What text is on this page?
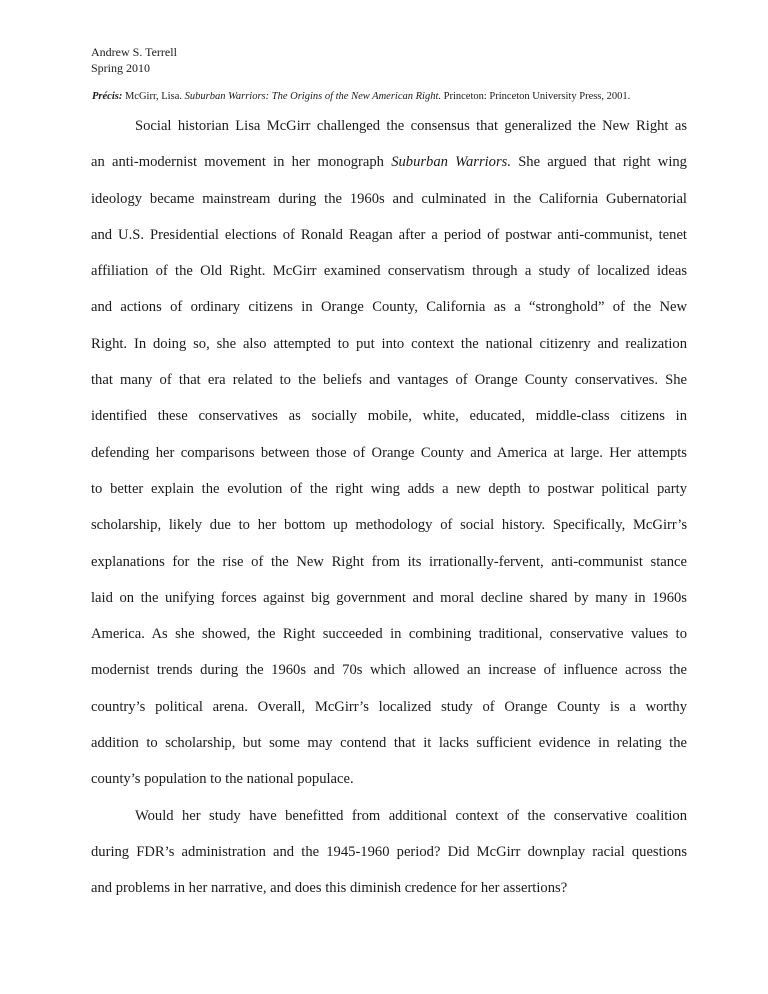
Andrew S. Terrell
Spring 2010
Précis: McGirr, Lisa. Suburban Warriors: The Origins of the New American Right. Princeton: Princeton University Press, 2001.
Social historian Lisa McGirr challenged the consensus that generalized the New Right as
an anti-modernist movement in her monograph Suburban Warriors. She argued that right wing
ideology became mainstream during the 1960s and culminated in the California Gubernatorial
and U.S. Presidential elections of Ronald Reagan after a period of postwar anti-communist, tenet
affiliation of the Old Right. McGirr examined conservatism through a study of localized ideas
and actions of ordinary citizens in Orange County, California as a “stronghold” of the New
Right. In doing so, she also attempted to put into context the national citizenry and realization
that many of that era related to the beliefs and vantages of Orange County conservatives. She
identified these conservatives as socially mobile, white, educated, middle-class citizens in
defending her comparisons between those of Orange County and America at large. Her attempts
to better explain the evolution of the right wing adds a new depth to postwar political party
scholarship, likely due to her bottom up methodology of social history. Specifically, McGirr’s
explanations for the rise of the New Right from its irrationally-fervent, anti-communist stance
laid on the unifying forces against big government and moral decline shared by many in 1960s
America. As she showed, the Right succeeded in combining traditional, conservative values to
modernist trends during the 1960s and 70s which allowed an increase of influence across the
country’s political arena. Overall, McGirr’s localized study of Orange County is a worthy
addition to scholarship, but some may contend that it lacks sufficient evidence in relating the
county’s population to the national populace.
Would her study have benefitted from additional context of the conservative coalition
during FDR’s administration and the 1945-1960 period? Did McGirr downplay racial questions
and problems in her narrative, and does this diminish credence for her assertions?
